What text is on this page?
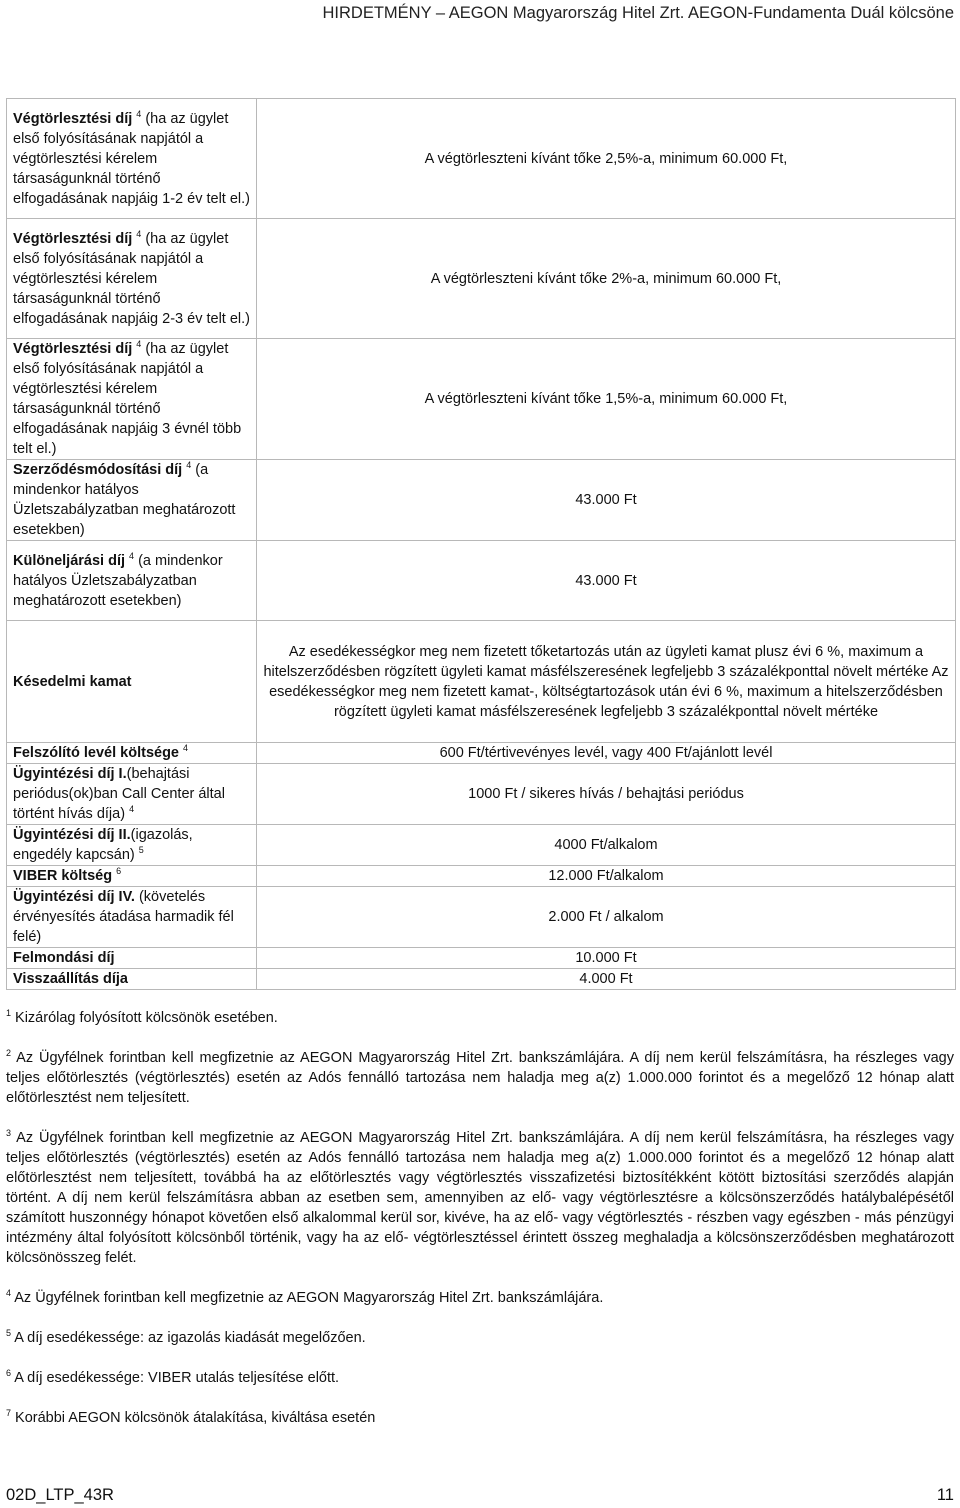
HIRDETMÉNY – AEGON Magyarország Hitel Zrt. AEGON-Fundamenta Duál kölcsöne
Végtörlesztési díj $^4$ (ha az ügylet első folyósításának napjától a végtörlesztési kérelem társaságunknál történő elfogadásának napjáig 1-2 év telt el.)	A végtörleszteni kívánt tőke 2,5%-a, minimum 60.000 Ft,
Végtörlesztési díj $^4$ (ha az ügylet első folyósításának napjától a végtörlesztési kérelem társaságunknál történő elfogadásának napjáig 2-3 év telt el.)	A végtörleszteni kívánt tőke 2%-a, minimum 60.000 Ft,
Végtörlesztési díj $^4$ (ha az ügylet első folyósításának napjától a végtörlesztési kérelem társaságunknál történő elfogadásának napjáig 3 évnél több telt el.)	A végtörleszteni kívánt tőke 1,5%-a, minimum 60.000 Ft,
Szerződésmódosítási díj $^4$ (a mindenkor hatályos Üzletszabályzatban meghatározott esetekben)	43.000 Ft
Különeljárási díj $^4$ (a mindenkor hatályos Üzletszabályzatban meghatározott esetekben)	43.000 Ft
Késedelmi kamat	Az esedékességkor meg nem fizetett tőketartozás után az ügyleti kamat plusz évi 6 %, maximum a hitelszerződésben rögzített ügyleti kamat másfélszeresének legfeljebb 3 százalékponttal növelt mértéke Az esedékességkor meg nem fizetett kamat-, költségtartozások után évi 6 %, maximum a hitelszerződésben rögzített ügyleti kamat másfélszeresének legfeljebb 3 százalékponttal növelt mértéke
Felszólító levél költsége $^4$	600 Ft/tértivevényes levél, vagy 400 Ft/ajánlott levél
Ügyintézési díj I.(behajtási periódus(ok)ban Call Center által történt hívás díja) $^4$	1000 Ft / sikeres hívás / behajtási periódus
Ügyintézési díj II.(igazolás, engedély kapcsán) $^5$	4000 Ft/alkalom
VIBER költség $^6$	12.000 Ft/alkalom
Ügyintézési díj IV. (követelés érvényesítés átadása harmadik fél felé)	2.000 Ft / alkalom
Felmondási díj	10.000 Ft
Visszaállítás díja	4.000 Ft

$^1$ Kizárólag folyósított kölcsönök esetében.

$^2$ Az Ügyfélnek forintban kell megfizetnie az AEGON Magyarország Hitel Zrt. bankszámlájára. A díj nem kerül felszámításra, ha részleges vagy teljes előtörlesztés (végtörlesztés) esetén az Adós fennálló tartozása nem haladja meg a(z) 1.000.000 forintot és a megelőző 12 hónap alatt előtörlesztést nem teljesített.

$^3$ Az Ügyfélnek forintban kell megfizetnie az AEGON Magyarország Hitel Zrt. bankszámlájára. A díj nem kerül felszámításra, ha részleges vagy teljes előtörlesztés (végtörlesztés) esetén az Adós fennálló tartozása nem haladja meg a(z) 1.000.000 forintot és a megelőző 12 hónap alatt előtörlesztést nem teljesített, továbbá ha az előtörlesztés vagy végtörlesztés visszafizetési biztosítékként kötött biztosítási szerződés alapján történt. A díj nem kerül felszámításra abban az esetben sem, amennyiben az elő- vagy végtörlesztésre a kölcsönszerződés hatálybalépésétől számított huszonnégy hónapot követően első alkalommal kerül sor, kivéve, ha az elő- vagy végtörlesztés - részben vagy egészben - más pénzügyi intézmény által folyósított kölcsönből történik, vagy ha az elő- végtörlesztéssel érintett összeg meghaladja a kölcsönszerződésben meghatározott kölcsönösszeg felét.

$^4$ Az Ügyfélnek forintban kell megfizetnie az AEGON Magyarország Hitel Zrt. bankszámlájára.

$^5$ A díj esedékessége: az igazolás kiadását megelőzően.

$^6$ A díj esedékessége: VIBER utalás teljesítése előtt.

$^7$ Korábbi AEGON kölcsönök átalakítása, kiváltása esetén

02D_LTP_43R	11
